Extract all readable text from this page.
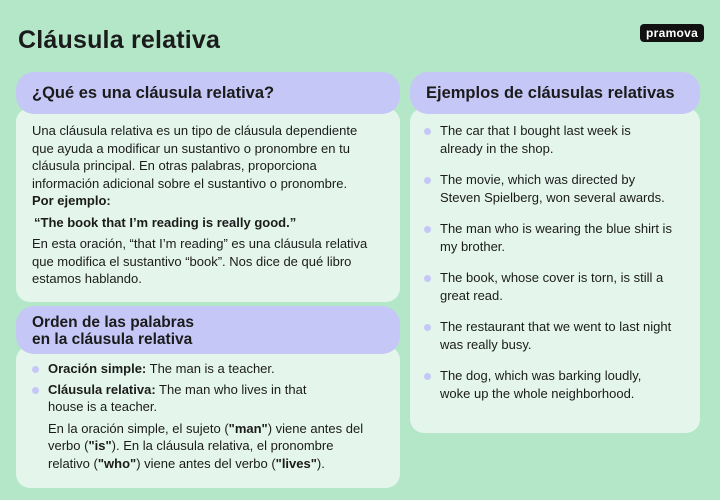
Cláusula relativa	pramova

Una cláusula relativa es un tipo de cláusula dependiente que ayuda a modificar un sustantivo o pronombre en tu cláusula principal. En otras palabras, proporciona información adicional sobre el sustantivo o pronombre.

Por ejemplo:

“The book that I’m reading is really good.”

En esta oración, “that I’m reading” es una cláusula relativa que modifica el sustantivo “book”. Nos dice de qué libro estamos hablando.

¿Qué es una cláusula relativa?

Oración simple: The man is a teacher.

Cláusula relativa: The man who lives in that house is a teacher.

En la oración simple, el sujeto ("man") viene antes del verbo ("is"). En la cláusula relativa, el pronombre relativo ("who") viene antes del verbo ("lives").

Orden de las palabras
en la cláusula relativa

The car that I bought last week is already in the shop.

The movie, which was directed by Steven Spielberg, won several awards.

The man who is wearing the blue shirt is my brother.

The book, whose cover is torn, is still a great read.

The restaurant that we went to last night was really busy.

The dog, which was barking loudly, woke up the whole neighborhood.

Ejemplos de cláusulas relativas
